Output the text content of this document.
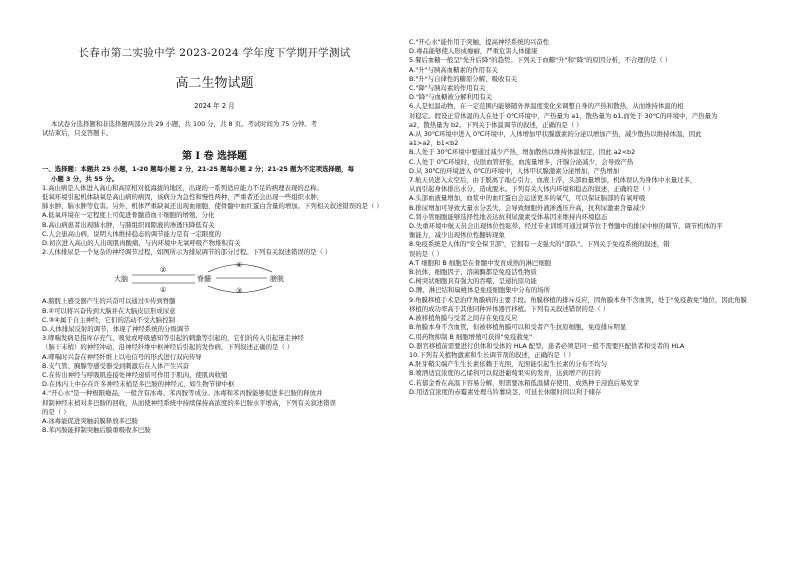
长春市第二实验中学 2023-2024 学年度下学期开学测试
高二生物试题
2024 年 2 月
本试卷分选择题和非选择题两部分共 29 小题，共 100 分，共 8 页。考试时间为 75 分钟。考
试结束后，只交答题卡。
第 I 卷 选择题
一、选择题：本题共 25 小题，1-20 题每小题 2 分，21-25 题每小题 2 分；21-25 题为不定项选择题，每
小题 3 分，共 55 分。
1.高山病是人体进入高山和高原相对低海拔的地区，出现的一系列适应能力不足的病理表现的总称。
低氧环境引起机体缺氧是高山病的病因，该病分为急性和慢性两种，严重者还会出现一些组织水肿，
肺水肿、脑水肿等危害。另外，机体严重缺氧还出现血细胞，使骨髓中血红蛋白含量的增加。下列相关叙述错误的是（ ）
A.低氧环境在一定程度上可促进骨髓造血干细胞的增殖、分化
B.高山病患者出现肺水肿，与肺组织间隙液的渗透压降低有关
C.人会患高山病，说明人体维持稳态的调节能力是有一定限度的
D.初次进入高山的人出现肌肉酸痛，与内环境中无氧呼吸产物堆积有关
2.人体排尿是一个复杂的神经调节过程，如图所示为排尿调节的部分过程。下列有关叙述错误的是（ ）
大脑	脊髓	膀胱
②
①
④
③
A.膀胱上感受器产生的兴奋可以通过①传到脊髓
B.②可以将兴奋传到大脑并在大脑皮层形成尿意
C.③④属于自主神经，它们的活动不受大脑控制
D.人体排尿反射的调节，体现了神经系统的分级调节
3.哮喘发病是指库存充气、嗅觉或呼吸感知等引起的刺激等引起的，它们的传入引起迷走神经
（脑干末梢）的神经冲动，沿神经纤维中枢神经后引起的发作病，下列叙述正确的是（ ）
A.哮喘时兴奋在神经纤维上以电信号的形式进行双向传导
B.支气管、胸腺等感受器受到刺激后在人体产生兴奋
C.在传出神经与呼吸肌连接处神经递质可作用于肌肉，使肌肉收缩
D.在体内上中存在许多神经末梢是多巴胺的神经元，如生物节律中枢
4."开心水"是一种极限瘾品，一般含有冰毒、苯丙胺等成分。冰毒和苯丙胺能够促进多巴胺的释放并
抑制神经末梢对多巴胺的回收，从而使神经系统中持续保持高浓度的多巴胺水平增高，下列有关叙述错误
的是（ ）
A.冰毒能促进突触前膜释放多巴胺
B.苯丙胺能抑制突触后膜重吸收多巴胺
C."开心水"能作用于突触，提高神经系统的兴奋性
D.毒品能够使人形成瘾癖，严重危害人体健康
5.餐后血糖一般呈"先升后降"的趋势。下列关于血糖"升"和"降"的原因分析，不合理的是（ ）
A."升"与胰高血糖素的作用有关
B."升"与自律性的糖原分解、吸收有关
C."降"与胰岛素的作用有关
D."降"与血糖被分解利用有关
6.人是恒温动物，在一定范围内能够随外界温度变化来调整自身的产热和散热，从而维持体温的相
对稳定。假设正常体温的人在处于 0℃环境中，产热量为 a1，散热量为 b1,而处于 30℃的环境中，产热量为
a2，散热量为 b2。下列关于体温调节的叙述，正确的是（ ）
A.从 30℃环境中进入 0℃环境中，人体增加甲状腺激素的分泌以增加产热，减少散热以维持体温，因此
a1>a2，b1<b2
B.人处于 30℃环境中要通过减少产热，增加散热以维持体温恒定，因此 a2<b2
C.人处于 0℃环境时，皮肤血管舒张，血流量增多，汗腺分泌减少，会导致产热
D.从 30℃的环境进入 0℃的环境中，人体甲状腺激素分泌增加，产热增加
7.航天员进入太空后，由于脱离了地心引力，血液上浮，头部血量增加，机体误认为身体中水量过多，
从而引起身体排出水分，造成脱水。下列有关人体内环境和稳态的叙述，正确的是（ ）
A.头部血液量增加，血浆中的血红蛋白会运送更多的氧气，可以保证脑部的有氧呼吸
B.排尿增加可导致大量水分丢失，会导致细胞外液渗透压升高，抗利尿激素含量减少
C.肾小管细胞能够选择性地表达抗利尿激素受体基因来维持内环境稳态
D.失重环境中航天员会出现体位性眩晕，经过专业训练可通过调节位于脊髓中的排尿中枢的调节，调节机体的平
衡能力，减少出现体位性翻转现象
8.免疫系统是人体的"安全保卫部"，它拥有一支强大的"部队"。下列关于免疫系统的叙述，错
误的是（ ）
A.T 细胞和 B 细胞是在骨髓中发育成熟的淋巴细胞
B.抗体、细胞因子、溶菌酶都是免疫活性物质
C.树突状细胞具有强大的吞噬、呈递抗原功能
D.脾、淋巴结和扁桃体是免疫细胞集中分布的场所
9.角膜移植手术是治疗角膜病的主要手段。角膜移植的排斥反应，因角膜本身不含血管，处于"免疫赦免"地位，因此角膜
移植的成功率高于其他同种异体器官移植。下列有关叙述错误的是（ ）
A.被移植角膜与受者之间存在免疫反应
B.角膜本身不含血管，但被移植角膜可以和受者产生抗原细胞，免疫排斥明显
C.用药物抑制 B 细胞增殖可获得"免疫赦免"
D.器官移植前需要进行供体和受体的 HLA 配型，患者必须是同一般不需要匹配供者和受者的 HLA
10.下列有关植物激素和生长调节剂的叙述，正确的是（ ）
A.胚芽鞘尖端产生生长素依赖于光照，光照能引起生长素的分布不均匀
B.喷洒适宜浓度的乙烯利可以促进葡萄果实的发育，达到增产的目的
C.若郁金香在高温下容易分解，则需要冰箱低温储存使用，成熟种子浸泡后易发芽
D.用适宜浓度的赤霉素处理马铃薯块茎，可延长休眠时间以利于储存
